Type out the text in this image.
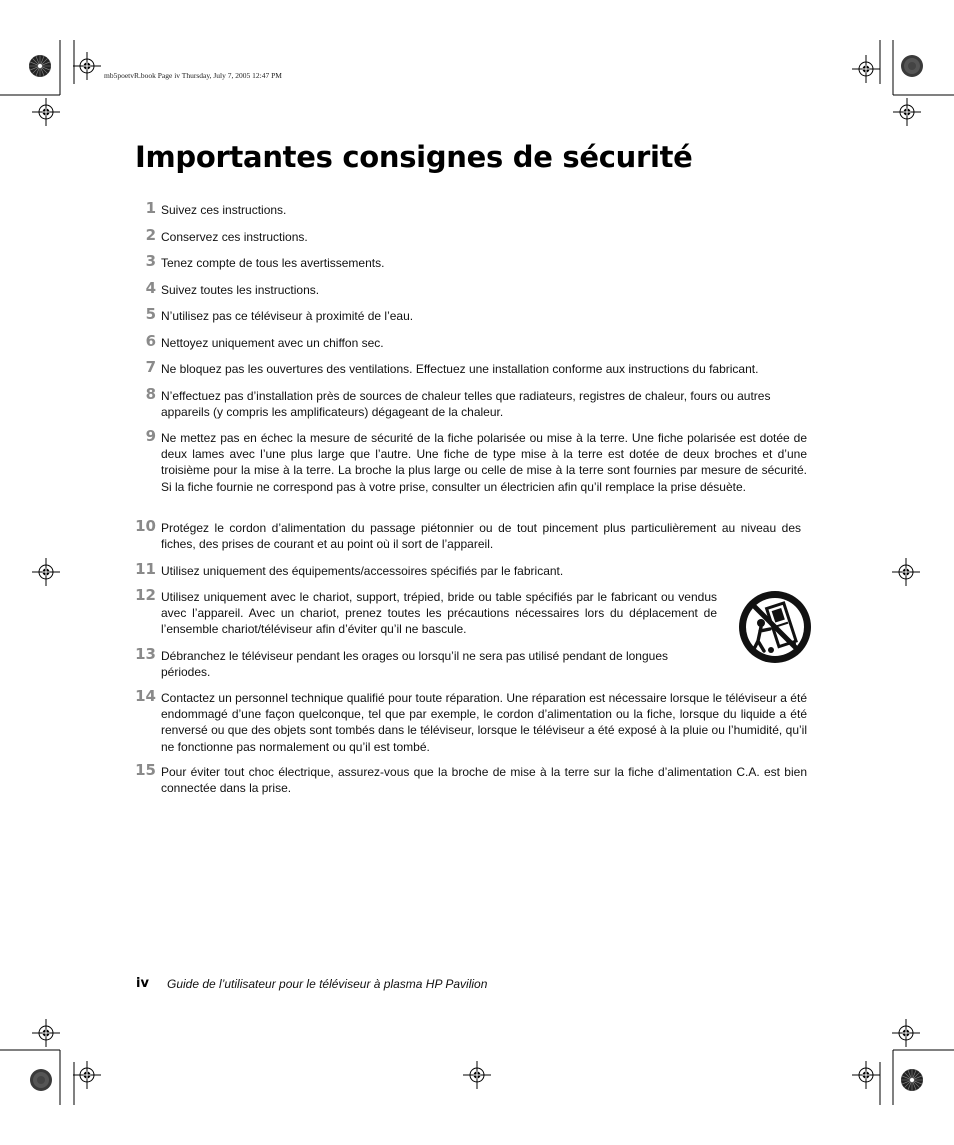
mb5poetvR.book Page iv Thursday, July 7, 2005 12:47 PM
Importantes consignes de sécurité
1 Suivez ces instructions.
2 Conservez ces instructions.
3 Tenez compte de tous les avertissements.
4 Suivez toutes les instructions.
5 N’utilisez pas ce téléviseur à proximité de l’eau.
6 Nettoyez uniquement avec un chiffon sec.
7 Ne bloquez pas les ouvertures des ventilations. Effectuez une installation conforme aux instructions du fabricant.
8 N’effectuez pas d’installation près de sources de chaleur telles que radiateurs, registres de chaleur, fours ou autres appareils (y compris les amplificateurs) dégageant de la chaleur.
9 Ne mettez pas en échec la mesure de sécurité de la fiche polarisée ou mise à la terre. Une fiche polarisée est dotée de deux lames avec l’une plus large que l’autre. Une fiche de type mise à la terre est dotée de deux broches et d’une troisième pour la mise à la terre. La broche la plus large ou celle de mise à la terre sont fournies par mesure de sécurité. Si la fiche fournie ne correspond pas à votre prise, consulter un électricien afin qu’il remplace la prise désuète.
10 Protégez le cordon d’alimentation du passage piétonnier ou de tout pincement plus particulièrement au niveau des fiches, des prises de courant et au point où il sort de l’appareil.
11 Utilisez uniquement des équipements/accessoires spécifiés par le fabricant.
12 Utilisez uniquement avec le chariot, support, trépied, bride ou table spécifiés par le fabricant ou vendus avec l’appareil. Avec un chariot, prenez toutes les précautions nécessaires lors du déplacement de l’ensemble chariot/téléviseur afin d’éviter qu’il ne bascule.
13 Débranchez le téléviseur pendant les orages ou lorsqu’il ne sera pas utilisé pendant de longues périodes.
14 Contactez un personnel technique qualifié pour toute réparation. Une réparation est nécessaire lorsque le téléviseur a été endommagé d’une façon quelconque, tel que par exemple, le cordon d’alimentation ou la fiche, lorsque du liquide a été renversé ou que des objets sont tombés dans le téléviseur, lorsque le téléviseur a été exposé à la pluie ou l’humidité, qu’il ne fonctionne pas normalement ou qu’il est tombé.
15 Pour éviter tout choc électrique, assurez-vous que la broche de mise à la terre sur la fiche d’alimentation C.A. est bien connectée dans la prise.
iv Guide de l’utilisateur pour le téléviseur à plasma HP Pavilion
